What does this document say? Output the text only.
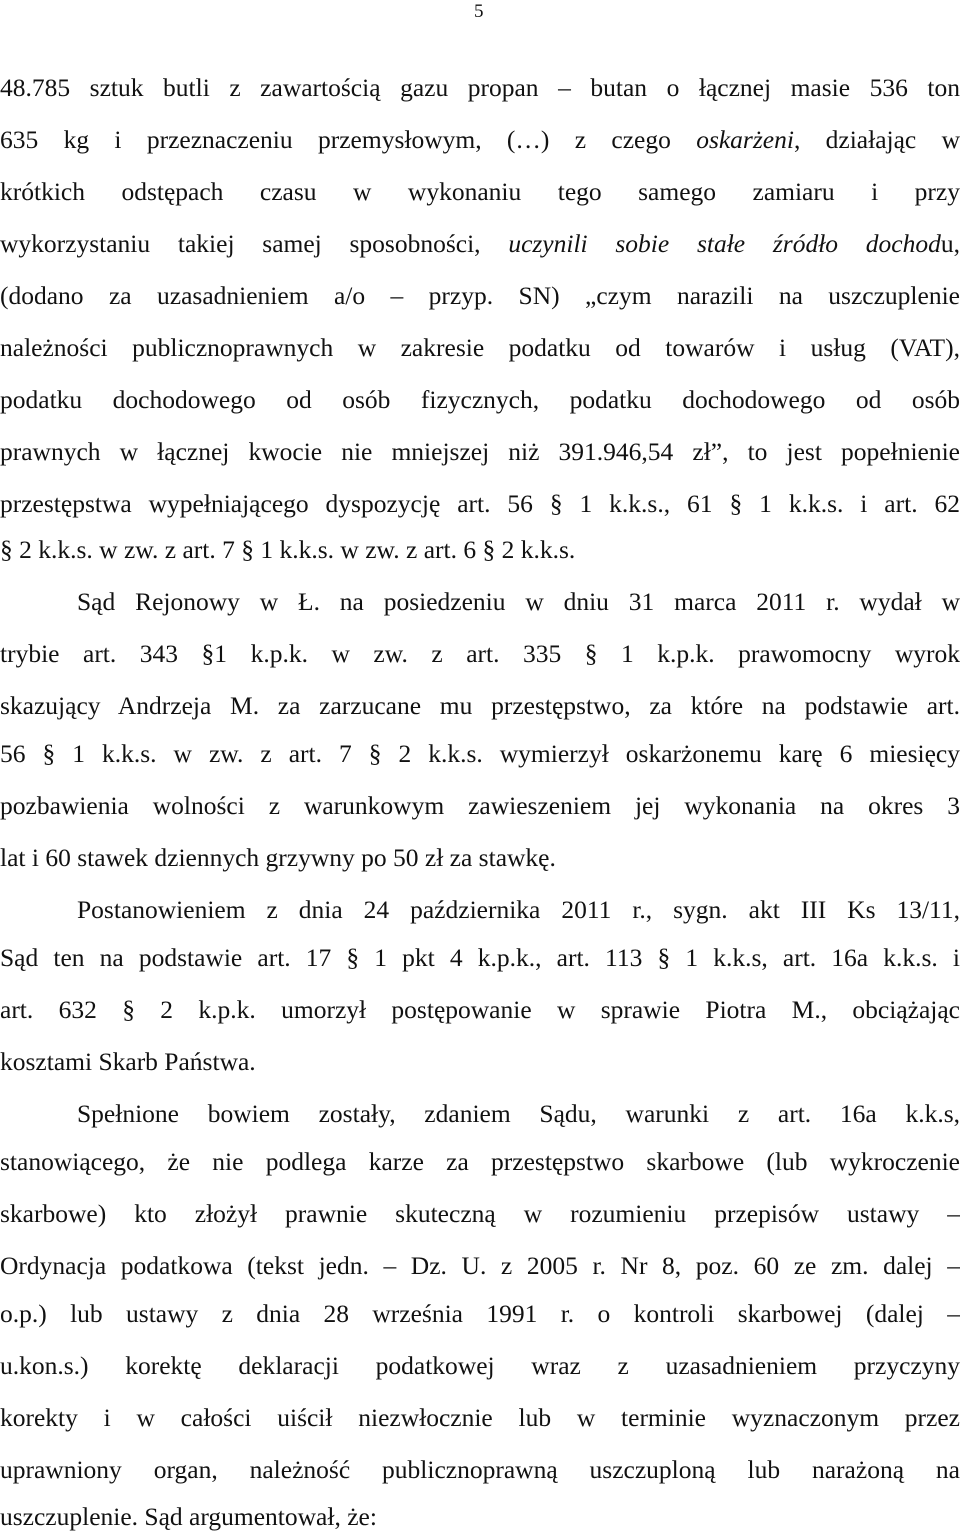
5
48.785 sztuk butli z zawartością gazu propan – butan o łącznej masie 536 ton
635 kg i przeznaczeniu przemysłowym, (…) z czego oskarżeni, działając w
krótkich odstępach czasu w wykonaniu tego samego zamiaru i przy
wykorzystaniu takiej samej sposobności, uczynili sobie stałe źródło dochodu,
(dodano za uzasadnieniem a/o – przyp. SN) „czym narazili na uszczuplenie
należności publicznoprawnych w zakresie podatku od towarów i usług (VAT),
podatku dochodowego od osób fizycznych, podatku dochodowego od osób
prawnych w łącznej kwocie nie mniejszej niż 391.946,54 zł”, to jest popełnienie
przestępstwa wypełniającego dyspozycję art. 56 § 1 k.k.s., 61 § 1 k.k.s. i art. 62
§ 2 k.k.s. w zw. z art. 7 § 1 k.k.s. w zw. z art. 6 § 2 k.k.s.
Sąd Rejonowy w Ł. na posiedzeniu w dniu 31 marca 2011 r. wydał w
trybie art. 343 §1 k.p.k. w zw. z art. 335 § 1 k.p.k. prawomocny wyrok
skazujący Andrzeja M. za zarzucane mu przestępstwo, za które na podstawie art.
56 § 1 k.k.s. w zw. z art. 7 § 2 k.k.s. wymierzył oskarżonemu karę 6 miesięcy
pozbawienia wolności z warunkowym zawieszeniem jej wykonania na okres 3
lat i 60 stawek dziennych grzywny po 50 zł za stawkę.
Postanowieniem z dnia 24 października 2011 r., sygn. akt III Ks 13/11,
Sąd ten na podstawie art. 17 § 1 pkt 4 k.p.k., art. 113 § 1 k.k.s, art. 16a k.k.s. i
art. 632 § 2 k.p.k. umorzył postępowanie w sprawie Piotra M., obciążając
kosztami Skarb Państwa.
Spełnione bowiem zostały, zdaniem Sądu, warunki z art. 16a k.k.s,
stanowiącego, że nie podlega karze za przestępstwo skarbowe (lub wykroczenie
skarbowe) kto złożył prawnie skuteczną w rozumieniu przepisów ustawy –
Ordynacja podatkowa (tekst jedn. – Dz. U. z 2005 r. Nr 8, poz. 60 ze zm. dalej –
o.p.) lub ustawy z dnia 28 września 1991 r. o kontroli skarbowej (dalej –
u.kon.s.) korektę deklaracji podatkowej wraz z uzasadnieniem przyczyny
korekty i w całości uiścił niezwłocznie lub w terminie wyznaczonym przez
uprawniony organ, należność publicznoprawną uszczuploną lub narażoną na
uszczuplenie. Sąd argumentował, że:
